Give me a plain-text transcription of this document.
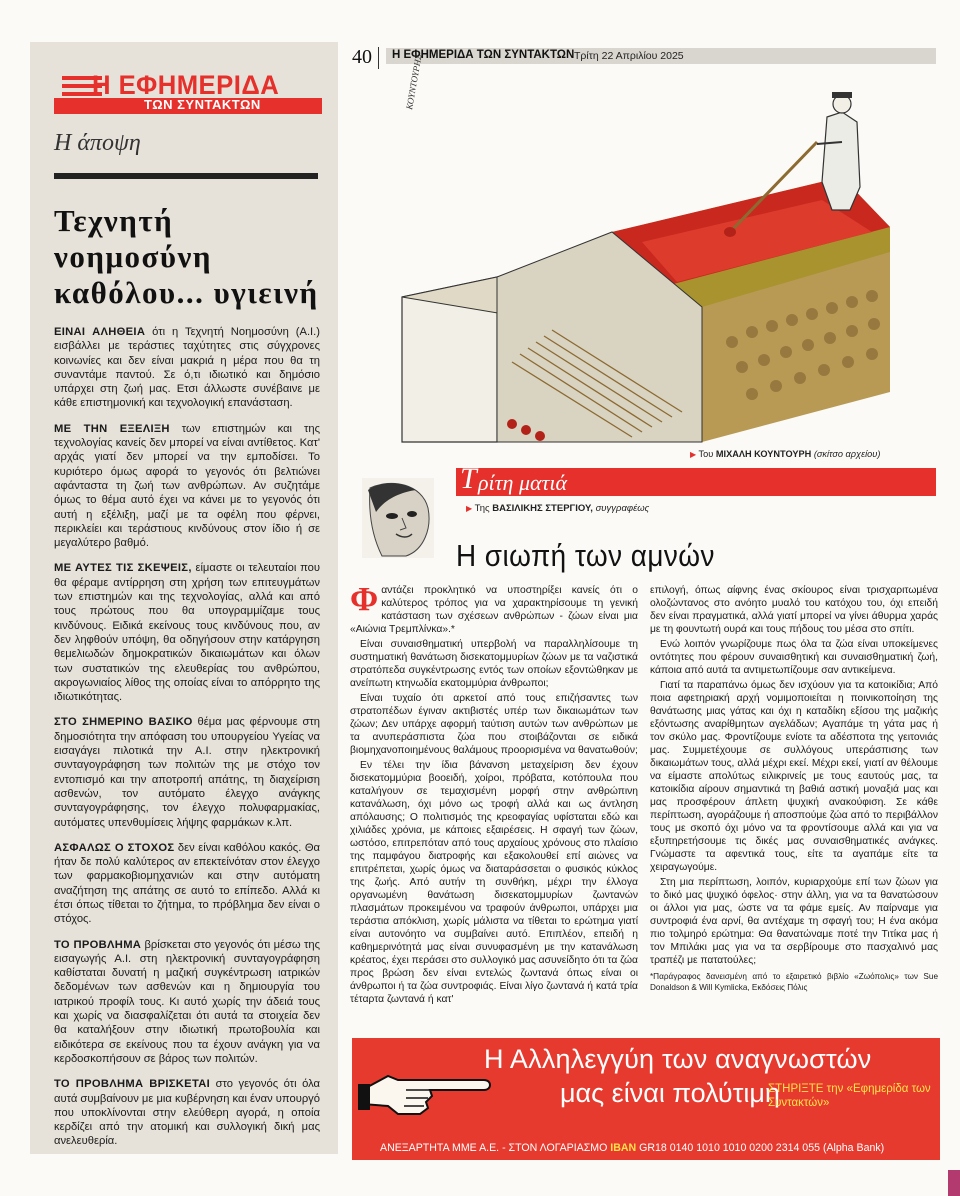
Η ΕΦΗΜΕΡΙΔΑ
ΤΩΝ ΣΥΝΤΑΚΤΩΝ
Η άποψη
Τεχνητή
νοημοσύνη
καθόλου... υγιεινή

ΕΙΝΑΙ ΑΛΗΘΕΙΑ ότι η Τεχνητή Νοημοσύνη (Α.Ι.) εισβάλλει με τεράστιες ταχύτητες στις σύγχρονες κοινωνίες και δεν είναι μακριά η μέρα που θα τη συναντάμε παντού. Σε ό,τι ιδιωτικό και δημόσιο υπάρχει στη ζωή μας. Ετσι άλλωστε συνέβαινε με κάθε επιστημονική και τεχνολογική επανάσταση.

ΜΕ ΤΗΝ ΕΞΕΛΙΞΗ των επιστημών και της τεχνολογίας κανείς δεν μπορεί να είναι αντίθετος. Κατ' αρχάς γιατί δεν μπορεί να την εμποδίσει. Το κυριότερο όμως αφορά το γεγονός ότι βελτιώνει αφάνταστα τη ζωή των ανθρώπων. Αν συζητάμε όμως το θέμα αυτό έχει να κάνει με το γεγονός ότι αυτή η εξέλιξη, μαζί με τα οφέλη που φέρνει, περικλείει και τεράστιους κινδύνους στον ίδιο ή σε μεγαλύτερο βαθμό.

ΜΕ ΑΥΤΕΣ ΤΙΣ ΣΚΕΨΕΙΣ, είμαστε οι τελευταίοι που θα φέραμε αντίρρηση στη χρήση των επιτευγμάτων των επιστημών και της τεχνολογίας, αλλά και από τους πρώτους που θα υπογραμμίζαμε τους κινδύνους. Ειδικά εκείνους τους κινδύνους που, αν δεν ληφθούν υπόψη, θα οδηγήσουν στην κατάργηση θεμελιωδών δημοκρατικών δικαιωμάτων και όλων των συστατικών της ελευθερίας του ανθρώπου, ακρογωνιαίος λίθος της οποίας είναι το απόρρητο της ιδιωτικότητας.

ΣΤΟ ΣΗΜΕΡΙΝΟ ΒΑΣΙΚΟ θέμα μας φέρνουμε στη δημοσιότητα την απόφαση του υπουργείου Υγείας να εισαγάγει πιλοτικά την Α.Ι. στην ηλεκτρονική συνταγογράφηση των πολιτών της με στόχο τον εντοπισμό και την αποτροπή απάτης, τη διαχείριση ασθενών, τον αυτόματο έλεγχο ανάγκης συνταγογράφησης, τον έλεγχο πολυφαρμακίας, αυτόματες υπενθυμίσεις λήψης φαρμάκων κ.λπ.

ΑΣΦΑΛΩΣ Ο ΣΤΟΧΟΣ δεν είναι καθόλου κακός. Θα ήταν δε πολύ καλύτερος αν επεκτείνόταν στον έλεγχο των φαρμακοβιομηχανιών και στην αυτόματη αναζήτηση της απάτης σε αυτό το επίπεδο. Αλλά κι έτσι όπως τίθεται το ζήτημα, το πρόβλημα δεν είναι ο στόχος.

ΤΟ ΠΡΟΒΛΗΜΑ βρίσκεται στο γεγονός ότι μέσω της εισαγωγής Α.Ι. στη ηλεκτρονική συνταγογράφηση καθίσταται δυνατή η μαζική συγκέντρωση ιατρικών δεδομένων των ασθενών και η δημιουργία του ιατρικού προφίλ τους. Κι αυτό χωρίς την άδειά τους και χωρίς να διασφαλίζεται ότι αυτά τα στοιχεία δεν θα καταλήξουν στην ιδιωτική πρωτοβουλία και ειδικότερα σε εκείνους που τα έχουν ανάγκη για να κερδοσκοπήσουν σε βάρος των πολιτών.

ΤΟ ΠΡΟΒΛΗΜΑ ΒΡΙΣΚΕΤΑΙ στο γεγονός ότι όλα αυτά συμβαίνουν με μια κυβέρνηση και έναν υπουργό που υποκλίνονται στην ελεύθερη αγορά, η οποία κερδίζει από την ατομική και συλλογική δική μας ανελευθερία.

40 Η ΕΦΗΜΕΡΙΔΑ ΤΩΝ ΣΥΝΤΑΚΤΩΝ Τρίτη 22 Απριλίου 2025
ΚΟΥΝΤΟΥΡΗΣ
▶ Του ΜΙΧΑΛΗ ΚΟΥΝΤΟΥΡΗ (σκίτσο αρχείου)
Τ ρίτη ματιά
▶ Της ΒΑΣΙΛΙΚΗΣ ΣΤΕΡΓΙΟΥ, συγγραφέως
Η σιωπή των αμνών

Φαντάζει προκλητικό να υποστηρίξει κανείς ότι ο καλύτερος τρόπος για να χαρακτηρίσουμε τη γενική κατάσταση των σχέσεων ανθρώπων - ζώων είναι μια «Αιώνια Τρεμπλίνκα».*

Είναι συναισθηματική υπερβολή να παραλληλίσουμε τη συστηματική θανάτωση δισεκατομμυρίων ζώων με τα ναζιστικά στρατόπεδα συγκέντρωσης εντός των οποίων εξοντώθηκαν με ανείπωτη κτηνωδία εκατομμύρια άνθρωποι;

Είναι τυχαίο ότι αρκετοί από τους επιζήσαντες των στρατοπέδων έγιναν ακτιβιστές υπέρ των δικαιωμάτων των ζώων; Δεν υπάρχε αφορμή ταύτιση αυτών των ανθρώπων με τα ανυπεράσπιστα ζώα που στοιβάζονται σε ειδικά βιομηχανοποιημένους θαλάμους προορισμένα να θανατωθούν;

Εν τέλει την ίδια βάνανση μεταχείριση δεν έχουν δισεκατομμύρια βοοειδή, χοίροι, πρόβατα, κοτόπουλα που καταλήγουν σε τεμαχισμένη μορφή στην ανθρώπινη κατανάλωση, όχι μόνο ως τροφή αλλά και ως άντληση απόλαυσης; Ο πολιτισμός της κρεοφαγίας υφίσταται εδώ και χιλιάδες χρόνια, με κάποιες εξαιρέσεις. Η σφαγή των ζώων, ωστόσο, επιτρεπόταν από τους αρχαίους χρόνους στο πλαίσιο της παμφάγου διατροφής και εξακολουθεί επί αιώνες να επιτρέπεται, χωρίς όμως να διαταράσσεται ο φυσικός κύκλος της ζωής. Από αυτήν τη συνθήκη, μέχρι την έλλογα οργανωμένη θανάτωση δισεκατομμυρίων ζωντανών πλασμάτων προκειμένου να τραφούν άνθρωποι, υπάρχει μια τεράστια απόκλιση, χωρίς μάλιστα να τίθεται το ερώτημα γιατί είναι αυτονόητο να συμβαίνει αυτό. Επιπλέον, επειδή η καθημερινότητά μας είναι συνυφασμένη με την κατανάλωση κρέατος, έχει περάσει στο συλλογικό μας ασυνείδητο ότι τα ζώα προς βρώση δεν είναι εντελώς ζωντανά όπως είναι οι άνθρωποι ή τα ζώα συντροφιάς. Είναι λίγο ζωντανά ή κατά τρία τέταρτα ζωντανά ή κατ'

επιλογή, όπως αίφνης ένας σκίουρος είναι τρισχαριτωμένα ολοζώντανος στο ανόητο μυαλό του κατόχου του, όχι επειδή δεν είναι πραγματικά, αλλά γιατί μπορεί να γίνει άθυρμα χαράς με τη φουντωτή ουρά και τους πήδους του μέσα στο σπίτι.

Ενώ λοιπόν γνωρίζουμε πως όλα τα ζώα είναι υποκείμενες οντότητες που φέρουν συναισθητική και συναισθηματική ζωή, κάποια από αυτά τα αντιμετωπίζουμε σαν αντικείμενα.

Γιατί τα παραπάνω όμως δεν ισχύουν για τα κατοικίδια; Από ποια αφετηριακή αρχή νομιμοποιείται η ποινικοποίηση της θανάτωσης μιας γάτας και όχι η καταδίκη εξίσου της μαζικής εξόντωσης αναρίθμητων αγελάδων; Αγαπάμε τη γάτα μας ή τον σκύλο μας. Φροντίζουμε ενίοτε τα αδέσποτα της γειτονιάς μας. Συμμετέχουμε σε συλλόγους υπεράσπισης των δικαιωμάτων τους, αλλά μέχρι εκεί. Μέχρι εκεί, γιατί αν θέλουμε να είμαστε απολύτως ειλικρινείς με τους εαυτούς μας, τα κατοικίδια αίρουν σημαντικά τη βαθιά αστική μοναξιά μας και μας προσφέρουν άπλετη ψυχική ανακούφιση. Σε κάθε περίπτωση, αγοράζουμε ή αποσπούμε ζώα από το περιβάλλον τους με σκοπό όχι μόνο να τα φροντίσουμε αλλά και για να εξυπηρετήσουμε τις δικές μας συναισθηματικές ανάγκες. Γνώμαστε τα αφεντικά τους, είτε τα αγαπάμε είτε τα χειραγωγούμε.

Στη μια περίπτωση, λοιπόν, κυριαρχούμε επί των ζώων για το δικό μας ψυχικό όφελος· στην άλλη, για να τα θανατώσουν οι άλλοι για μας, ώστε να τα φάμε εμείς. Αν παίρναμε για συντροφιά ένα αρνί, θα αντέχαμε τη σφαγή του; Η ένα ακόμα πιο τολμηρό ερώτημα: Θα θανατώναμε ποτέ την Τιτίκα μας ή τον Μπιλάκι μας για να τα σερβίρουμε στο πασχαλινό μας τραπέζι με πατατούλες;

*Παράγραφος δανεισμένη από το εξαιρετικό βιβλίο «Ζωόπολις» των Sue Donaldson & Will Kymlicka, Εκδόσεις Πόλις
Η Αλληλεγγύη των αναγνωστών
μας είναι πολύτιμη
ΣΤΗΡΙΞΤΕ την «Εφημερίδα των Συντακτών»
ΑΝΕΞΑΡΤΗΤΑ ΜΜΕ Α.Ε. - ΣΤΟΝ ΛΟΓΑΡΙΑΣΜΟ IBAN GR18 0140 1010 1010 0200 2314 055 (Alpha Bank)
